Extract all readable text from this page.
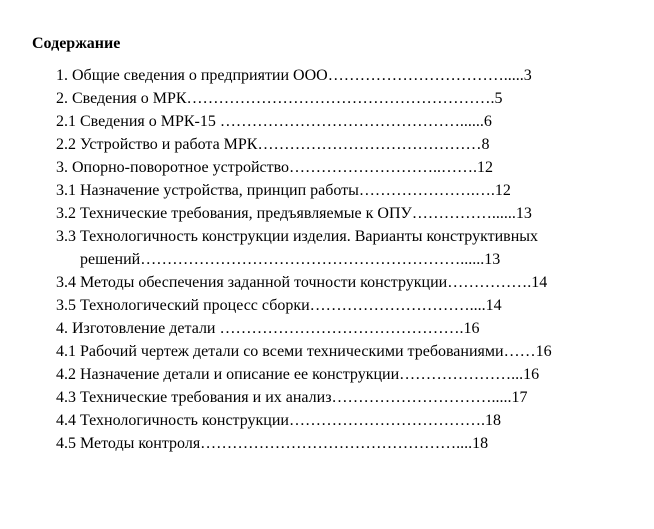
Содержание
1. Общие сведения о предприятии ООО…………………………….....3
2. Сведения о МРК………………………………………………….5
2.1 Сведения о МРК-15 ………………………………………......6
2.2 Устройство и работа МРК……………………………………8
3. Опорно-поворотное устройство………………………..…….12
3.1 Назначение устройства, принцип работы………………….….12
3.2 Технические требования, предъявляемые к ОПУ……………......13
3.3 Технологичность конструкции изделия. Варианты конструктивных
решений……………………………………………………......13
3.4 Методы обеспечения заданной точности конструкции…………….14
3.5 Технологический процесс сборки…………………………....14
4. Изготовление детали ……………………………………….16
4.1 Рабочий чертеж детали со всеми техническими требованиями……16
4.2 Назначение детали и описание ее конструкции…………………...16
4.3 Технические требования и их анализ………………………….....17
4.4 Технологичность конструкции……………………………….18
4.5 Методы контроля…………………………………………....18
